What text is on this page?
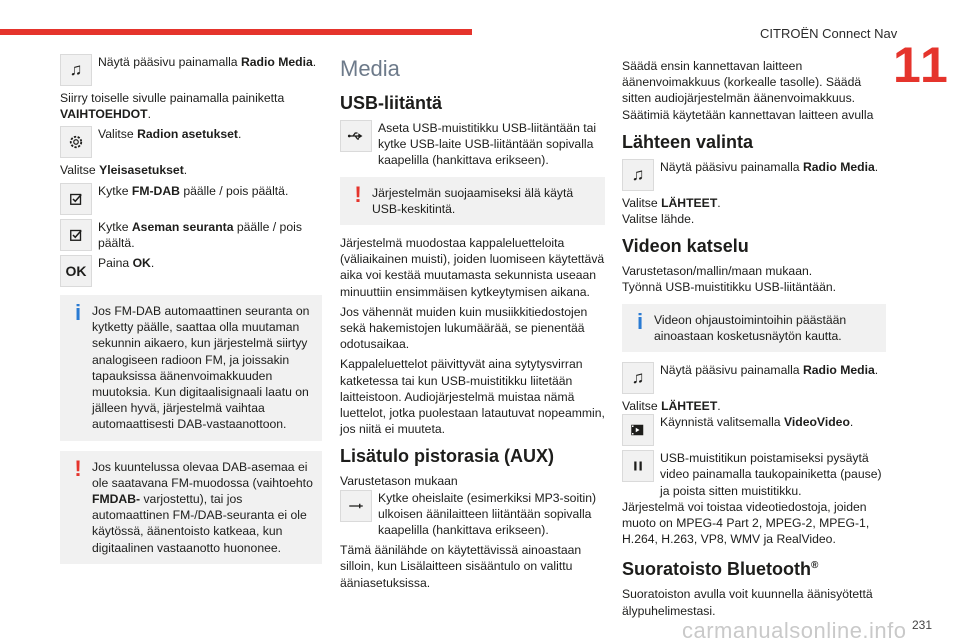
CITROËN Connect Nav
11
carmanualsonline.info 231
♫	Näytä pääsivu painamalla Radio Media.
Siirry toiselle sivulle painamalla painiketta VAIHTOEHDOT.
Valitse Radion asetukset.
Valitse Yleisasetukset.
Kytke FM-DAB päälle / pois päältä.
Kytke Aseman seuranta päälle / pois päältä.
OK Paina OK.
i Jos FM-DAB automaattinen seuranta on kytketty päälle, saattaa olla muutaman sekunnin aikaero, kun järjestelmä siirtyy analogiseen radioon FM, ja joissakin tapauksissa äänenvoimakkuuden muutoksia. Kun digitaalisignaali laatu on jälleen hyvä, järjestelmä vaihtaa automaattisesti DAB-vastaanottoon.
! Jos kuuntelussa olevaa DAB-asemaa ei ole saatavana FM-muodossa (vaihtoehto FMDAB- varjostettu), tai jos automaattinen FM-/DAB-seuranta ei ole käytössä, äänentoisto katkeaa, kun digitaalinen vastaanotto huononee.
Media
USB-liitäntä
Aseta USB-muistitikku USB-liitäntään tai kytke USB-laite USB-liitäntään sopivalla kaapelilla (hankittava erikseen).
! Järjestelmän suojaamiseksi älä käytä USB-keskitintä.
Järjestelmä muodostaa kappaleluetteloita (väliaikainen muisti), joiden luomiseen käytettävä aika voi kestää muutamasta sekunnista useaan minuuttiin ensimmäisen kytkeytymisen aikana.
Jos vähennät muiden kuin musiikkitiedostojen sekä hakemistojen lukumäärää, se pienentää odotusaikaa.
Kappaleluettelot päivittyvät aina sytytysvirran katketessa tai kun USB-muistitikku liitetään laitteistoon. Audiojärjestelmä muistaa nämä luettelot, jotka puolestaan latautuvat nopeammin, jos niitä ei muuteta.
Lisätulo pistorasia (AUX)
Varustetason mukaan
Kytke oheislaite (esimerkiksi MP3-soitin) ulkoisen äänilaitteen liitäntään sopivalla kaapelilla (hankittava erikseen).
Tämä äänilähde on käytettävissä ainoastaan silloin, kun Lisälaitteen sisääntulo on valittu ääniasetuksissa.
Säädä ensin kannettavan laitteen äänenvoimakkuus (korkealle tasolle). Säädä sitten audiojärjestelmän äänenvoimakkuus. Säätimiä käytetään kannettavan laitteen avulla
Lähteen valinta
♫	Näytä pääsivu painamalla Radio Media.
Valitse LÄHTEET.
Valitse lähde.
Videon katselu
Varustetason/mallin/maan mukaan.
Työnnä USB-muistitikku USB-liitäntään.
i Videon ohjaustoimintoihin päästään ainoastaan kosketusnäytön kautta.
♫	Näytä pääsivu painamalla Radio Media.
Valitse LÄHTEET.
Käynnistä valitsemalla VideoVideo.
USB-muistitikun poistamiseksi pysäytä video painamalla taukopainiketta (pause) ja poista sitten muistitikku.
Järjestelmä voi toistaa videotiedostoja, joiden muoto on MPEG-4 Part 2, MPEG-2, MPEG-1, H.264, H.263, VP8, WMV ja RealVideo.
Suoratoisto Bluetooth®
Suoratoiston avulla voit kuunnella äänisyötettä älypuhelimestasi.
